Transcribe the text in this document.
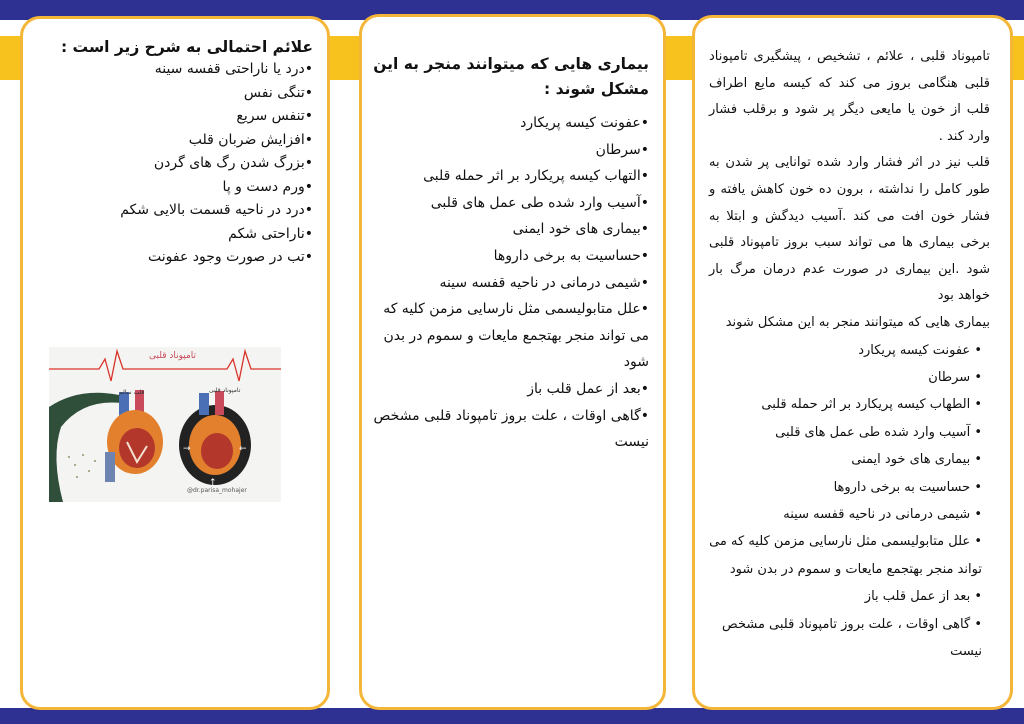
علائم احتمالی به شرح زیر است :
• درد یا ناراحتی قفسه سینه
• تنگی نفس
• تنفس سریع
• افزایش ضربان قلب
• بزرگ شدن رگ های گردن
• ورم دست و پا
• درد در ناحیه قسمت بالایی شکم
• ناراحتی شکم
• تب در صورت وجود عفونت
→	←
↑
تامپوناد قلبی
قلب سالم	تامپوناد قلبی
@dr.parisa_mohajer
بیماری هایی که میتوانند منجر به این مشکل شوند :
• عفونت کیسه پریکارد
• سرطان
• التهاب کیسه پریکارد بر اثر حمله قلبی
• آسیب وارد شده طی عمل های قلبی
• بیماری های خود ایمنی
• حساسیت به برخی داروها
• شیمی درمانی در ناحیه قفسه سینه
• علل متابولیسمی مثل نارسایی مزمن کلیه که می تواند منجر بهتجمع مایعات و سموم در بدن شود
• بعد از عمل قلب باز
• گاهی اوقات ، علت بروز تامپوناد قلبی مشخص نیست

تامپوناد قلبی ، علائم ، تشخیص ، پیشگیری تامپوناد قلبی هنگامی بروز می کند که کیسه مایع اطراف قلب از خون یا مایعی دیگر پر شود و برقلب فشار وارد کند .

قلب نیز در اثر فشار وارد شده توانایی پر شدن به طور کامل را نداشته ، برون ده خون کاهش یافته و فشار خون افت می کند .آسیب دیدگش و ابتلا به برخی بیماری ها می تواند سبب بروز تامپوناد قلبی شود .این بیماری در صورت عدم درمان مرگ بار خواهد بود

بیماری هایی که میتوانند منجر به این مشکل شوند

• عفونت کیسه پریکارد
• سرطان
• الطهاب کیسه پریکارد بر اثر حمله قلبی
• آسیب وارد شده طی عمل های قلبی
• بیماری های خود ایمنی
• حساسیت به برخی داروها
• شیمی درمانی در ناحیه قفسه سینه
• علل متابولیسمی مثل نارسایی مزمن کلیه که می تواند منجر بهتجمع مایعات و سموم در بدن شود
• بعد از عمل قلب باز
• گاهی اوقات ، علت بروز تامپوناد قلبی مشخص نیست
